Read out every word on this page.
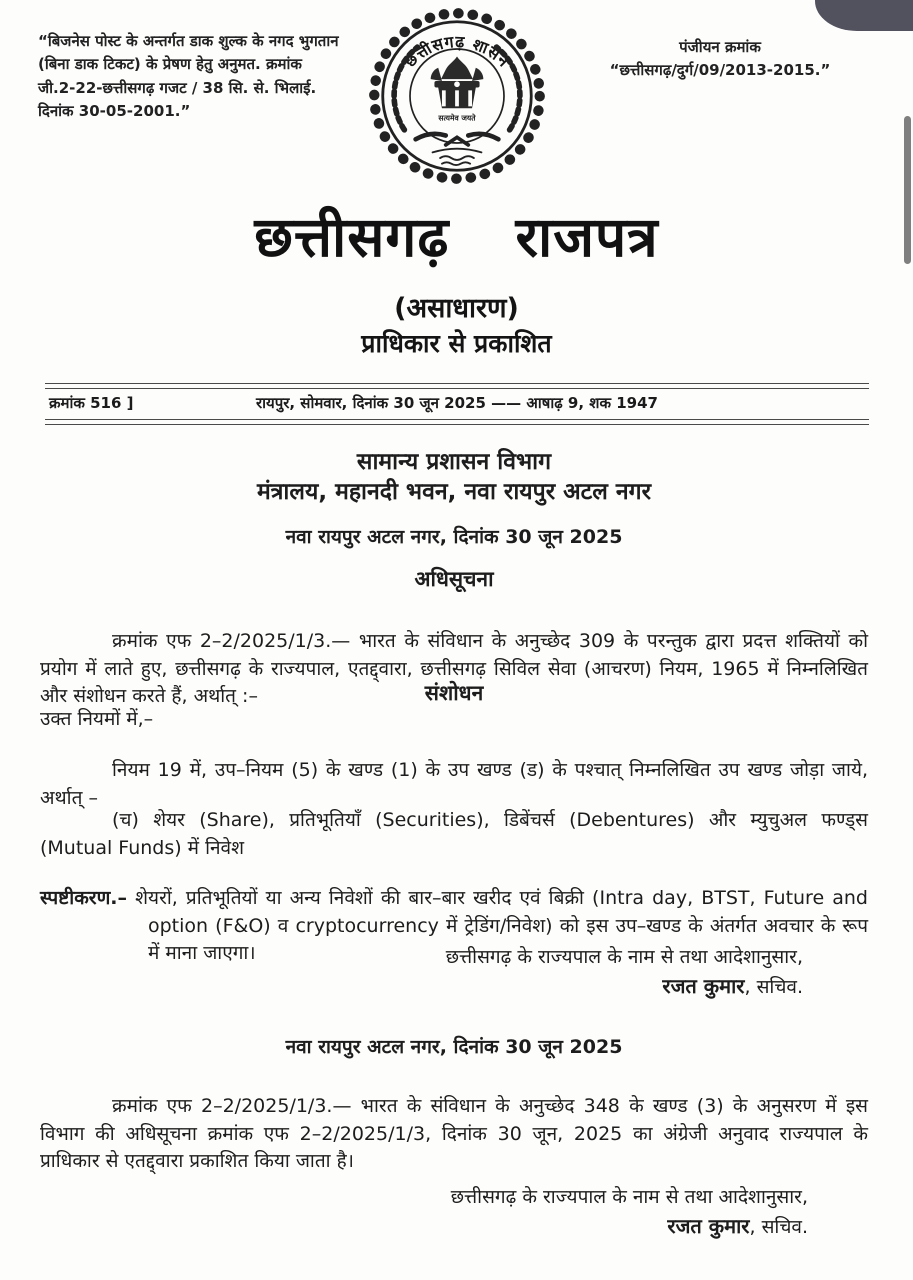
“बिजनेस पोस्ट के अन्तर्गत डाक शुल्क के नगद भुगतान (बिना डाक टिकट) के प्रेषण हेतु अनुमत. क्रमांक जी.2-22-छत्तीसगढ़ गजट / 38 सि. से. भिलाई. दिनांक 30-05-2001.”
पंजीयन क्रमांक
“छत्तीसगढ़/दुर्ग/09/2013-2015.”
छत्तीसगढ़ शासन
सत्यमेव जयते
छत्तीसगढ़ राजपत्र
(असाधारण)
प्राधिकार से प्रकाशित
क्रमांक 516 ]	रायपुर, सोमवार, दिनांक 30 जून 2025 —— आषाढ़ 9, शक 1947
सामान्य प्रशासन विभाग
मंत्रालय, महानदी भवन, नवा रायपुर अटल नगर
नवा रायपुर अटल नगर, दिनांक 30 जून 2025
अधिसूचना

क्रमांक एफ 2–2/2025/1/3.— भारत के संविधान के अनुच्छेद 309 के परन्तुक द्वारा प्रदत्त शक्तियों को प्रयोग में लाते हुए, छत्तीसगढ़ के राज्यपाल, एतद्द्वारा, छत्तीसगढ़ सिविल सेवा (आचरण) नियम, 1965 में निम्नलिखित और संशोधन करते हैं, अर्थात् :–	संशोधन
उक्त नियमों में,–

नियम 19 में, उप–नियम (5) के खण्ड (1) के उप खण्ड (ड) के पश्चात् निम्नलिखित उप खण्ड जोड़ा जाये, अर्थात् –

(च) शेयर (Share), प्रतिभूतियाँ (Securities), डिबेंचर्स (Debentures) और म्युचुअल फण्ड्स (Mutual Funds) में निवेश

स्पष्टीकरण.– शेयरों, प्रतिभूतियों या अन्य निवेशों की बार–बार खरीद एवं बिक्री (Intra day, BTST, Future and option (F&O) व cryptocurrency में ट्रेडिंग/निवेश) को इस उप–खण्ड के अंतर्गत अवचार के रूप में माना जाएगा।	छत्तीसगढ़ के राज्यपाल के नाम से तथा आदेशानुसार,
रजत कुमार, सचिव.
नवा रायपुर अटल नगर, दिनांक 30 जून 2025

क्रमांक एफ 2–2/2025/1/3.— भारत के संविधान के अनुच्छेद 348 के खण्ड (3) के अनुसरण में इस विभाग की अधिसूचना क्रमांक एफ 2–2/2025/1/3, दिनांक 30 जून, 2025 का अंग्रेजी अनुवाद राज्यपाल के प्राधिकार से एतद्द्वारा प्रकाशित किया जाता है।

छत्तीसगढ़ के राज्यपाल के नाम से तथा आदेशानुसार,
रजत कुमार, सचिव.
